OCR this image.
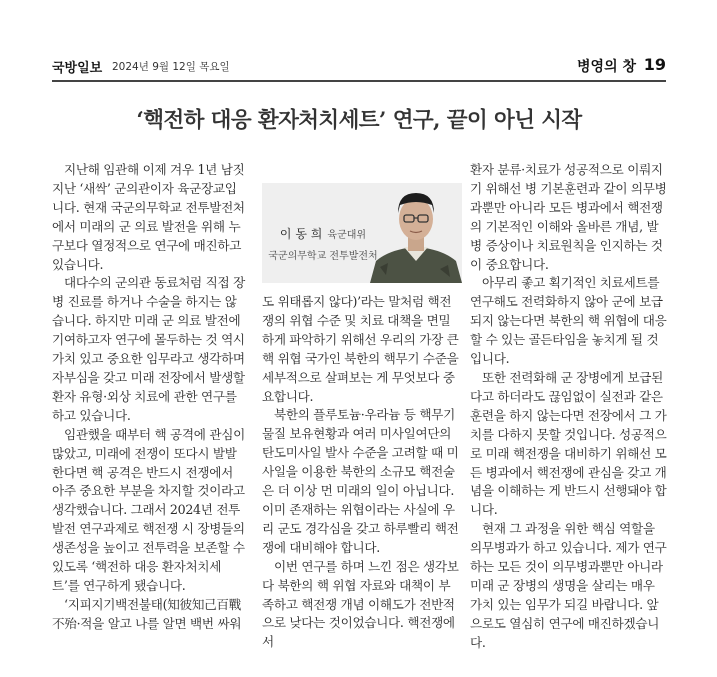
국방일보 2024년 9월 12일 목요일	병영의 창 19
‘핵전하 대응 환자처치세트’ 연구, 끝이 아닌 시작

지난해 임관해 이제 겨우 1년 남짓 지난 ‘새싹’ 군의관이자 육군장교입니다. 현재 국군의무학교 전투발전처에서 미래의 군 의료 발전을 위해 누구보다 열정적으로 연구에 매진하고 있습니다.

대다수의 군의관 동료처럼 직접 장병 진료를 하거나 수술을 하지는 않습니다. 하지만 미래 군 의료 발전에 기여하고자 연구에 몰두하는 것 역시 가치 있고 중요한 임무라고 생각하며 자부심을 갖고 미래 전장에서 발생할 환자 유형·외상 치료에 관한 연구를 하고 있습니다.

임관했을 때부터 핵 공격에 관심이 많았고, 미래에 전쟁이 또다시 발발한다면 핵 공격은 반드시 전쟁에서 아주 중요한 부분을 차지할 것이라고 생각했습니다. 그래서 2024년 전투 발전 연구과제로 핵전쟁 시 장병들의 생존성을 높이고 전투력을 보존할 수 있도록 ‘핵전하 대응 환자처치세트’를 연구하게 됐습니다.

‘지피지기백전불태(知彼知己百戰不殆·적을 알고 나를 알면 백번 싸워

이 동 희 육군대위
국군의무학교 전투발전처

도 위태롭지 않다)’라는 말처럼 핵전쟁의 위협 수준 및 치료 대책을 면밀하게 파악하기 위해선 우리의 가장 큰 핵 위협 국가인 북한의 핵무기 수준을 세부적으로 살펴보는 게 무엇보다 중요합니다.

북한의 플루토늄·우라늄 등 핵무기 물질 보유현황과 여러 미사일여단의 탄도미사일 발사 수준을 고려할 때 미사일을 이용한 북한의 소규모 핵전술은 더 이상 먼 미래의 일이 아닙니다. 이미 존재하는 위협이라는 사실에 우리 군도 경각심을 갖고 하루빨리 핵전쟁에 대비해야 합니다.

이번 연구를 하며 느낀 점은 생각보다 북한의 핵 위협 자료와 대책이 부족하고 핵전쟁 개념 이해도가 전반적으로 낮다는 것이었습니다. 핵전쟁에서

환자 분류·치료가 성공적으로 이뤄지기 위해선 병 기본훈련과 같이 의무병과뿐만 아니라 모든 병과에서 핵전쟁의 기본적인 이해와 올바른 개념, 발병 증상이나 치료원칙을 인지하는 것이 중요합니다.

아무리 좋고 획기적인 치료세트를 연구해도 전력화하지 않아 군에 보급되지 않는다면 북한의 핵 위협에 대응할 수 있는 골든타임을 놓치게 될 것입니다.

또한 전력화해 군 장병에게 보급된다고 하더라도 끊임없이 실전과 같은 훈련을 하지 않는다면 전장에서 그 가치를 다하지 못할 것입니다. 성공적으로 미래 핵전쟁을 대비하기 위해선 모든 병과에서 핵전쟁에 관심을 갖고 개념을 이해하는 게 반드시 선행돼야 합니다.

현재 그 과정을 위한 핵심 역할을 의무병과가 하고 있습니다. 제가 연구하는 모든 것이 의무병과뿐만 아니라 미래 군 장병의 생명을 살리는 매우 가치 있는 임무가 되길 바랍니다. 앞으로도 열심히 연구에 매진하겠습니다.
